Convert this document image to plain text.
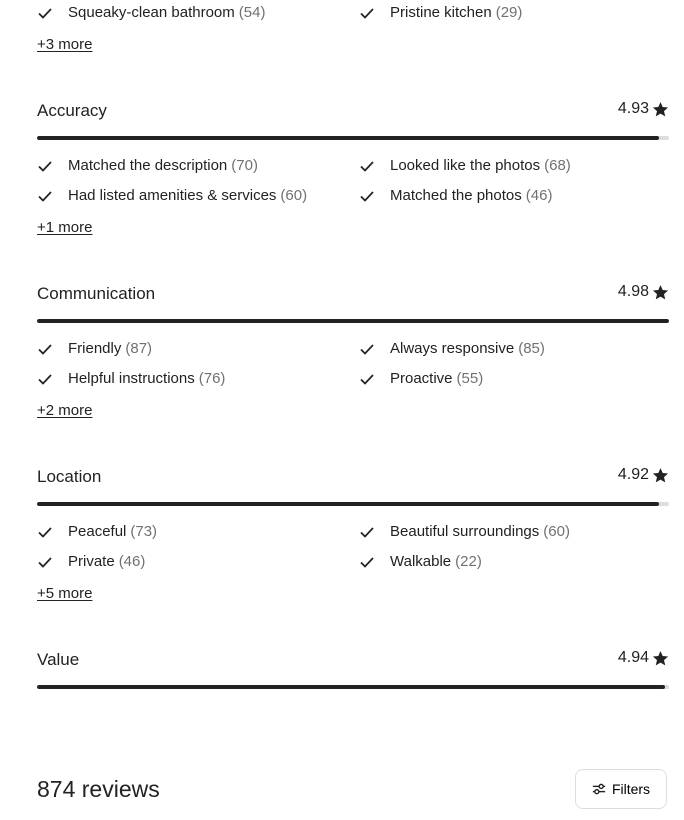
Squeaky-clean bathroom (54)	Pristine kitchen (29)
+3 more
Accuracy	4.93
Matched the description (70)	Looked like the photos (68)
Had listed amenities & services (60)	Matched the photos (46)
+1 more
Communication	4.98
Friendly (87)	Always responsive (85)
Helpful instructions (76)	Proactive (55)
+2 more
Location	4.92
Peaceful (73)	Beautiful surroundings (60)
Private (46)	Walkable (22)
+5 more
Value	4.94
874 reviews	Filters
